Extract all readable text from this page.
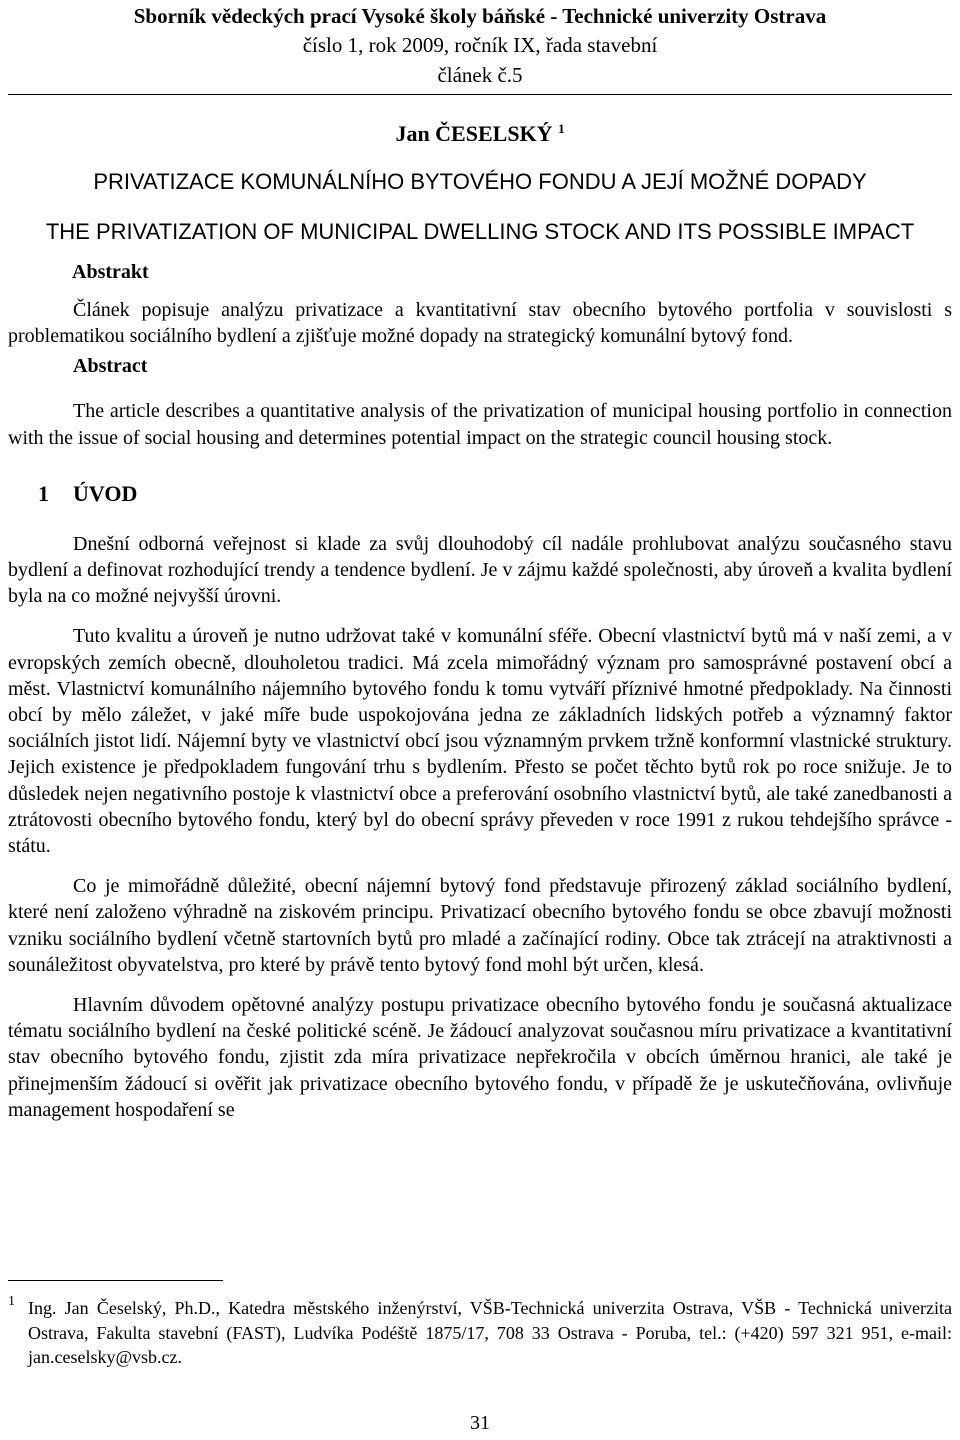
Sborník vědeckých prací Vysoké školy báňské - Technické univerzity Ostrava

číslo 1, rok 2009, ročník IX, řada stavební

článek č.5

Jan ČESELSKÝ $^1$

PRIVATIZACE KOMUNÁLNÍHO BYTOVÉHO FONDU A JEJÍ MOŽNÉ DOPADY

THE PRIVATIZATION OF MUNICIPAL DWELLING STOCK AND ITS POSSIBLE IMPACT

Abstrakt

Článek popisuje analýzu privatizace a kvantitativní stav obecního bytového portfolia v souvislosti s problematikou sociálního bydlení a zjišťuje možné dopady na strategický komunální bytový fond.

Abstract

The article describes a quantitative analysis of the privatization of municipal housing portfolio in connection with the issue of social housing and determines potential impact on the strategic council housing stock.

1 ÚVOD

Dnešní odborná veřejnost si klade za svůj dlouhodobý cíl nadále prohlubovat analýzu současného stavu bydlení a definovat rozhodující trendy a tendence bydlení. Je v zájmu každé společnosti, aby úroveň a kvalita bydlení byla na co možné nejvyšší úrovni.

Tuto kvalitu a úroveň je nutno udržovat také v komunální sféře. Obecní vlastnictví bytů má v naší zemi, a v evropských zemích obecně, dlouholetou tradici. Má zcela mimořádný význam pro samosprávné postavení obcí a měst. Vlastnictví komunálního nájemního bytového fondu k tomu vytváří příznivé hmotné předpoklady. Na činnosti obcí by mělo záležet, v jaké míře bude uspokojována jedna ze základních lidských potřeb a významný faktor sociálních jistot lidí. Nájemní byty ve vlastnictví obcí jsou významným prvkem tržně konformní vlastnické struktury. Jejich existence je předpokladem fungování trhu s bydlením. Přesto se počet těchto bytů rok po roce snižuje. Je to důsledek nejen negativního postoje k vlastnictví obce a preferování osobního vlastnictví bytů, ale také zanedbanosti a ztrátovosti obecního bytového fondu, který byl do obecní správy převeden v roce 1991 z rukou tehdejšího správce - státu.

Co je mimořádně důležité, obecní nájemní bytový fond představuje přirozený základ sociálního bydlení, které není založeno výhradně na ziskovém principu. Privatizací obecního bytového fondu se obce zbavují možnosti vzniku sociálního bydlení včetně startovních bytů pro mladé a začínající rodiny. Obce tak ztrácejí na atraktivnosti a sounáležitost obyvatelstva, pro které by právě tento bytový fond mohl být určen, klesá.

Hlavním důvodem opětovné analýzy postupu privatizace obecního bytového fondu je současná aktualizace tématu sociálního bydlení na české politické scéně. Je žádoucí analyzovat současnou míru privatizace a kvantitativní stav obecního bytového fondu, zjistit zda míra privatizace nepřekročila v obcích úměrnou hranici, ale také je přinejmenším žádoucí si ověřit jak privatizace obecního bytového fondu, v případě že je uskutečňována, ovlivňuje management hospodaření se

1 Ing. Jan Česelský, Ph.D., Katedra městského inženýrství, VŠB-Technická univerzita Ostrava, VŠB - Technická univerzita Ostrava, Fakulta stavební (FAST), Ludvíka Podéště 1875/17, 708 33 Ostrava - Poruba, tel.: (+420) 597 321 951, e-mail: jan.ceselsky@vsb.cz.
31
